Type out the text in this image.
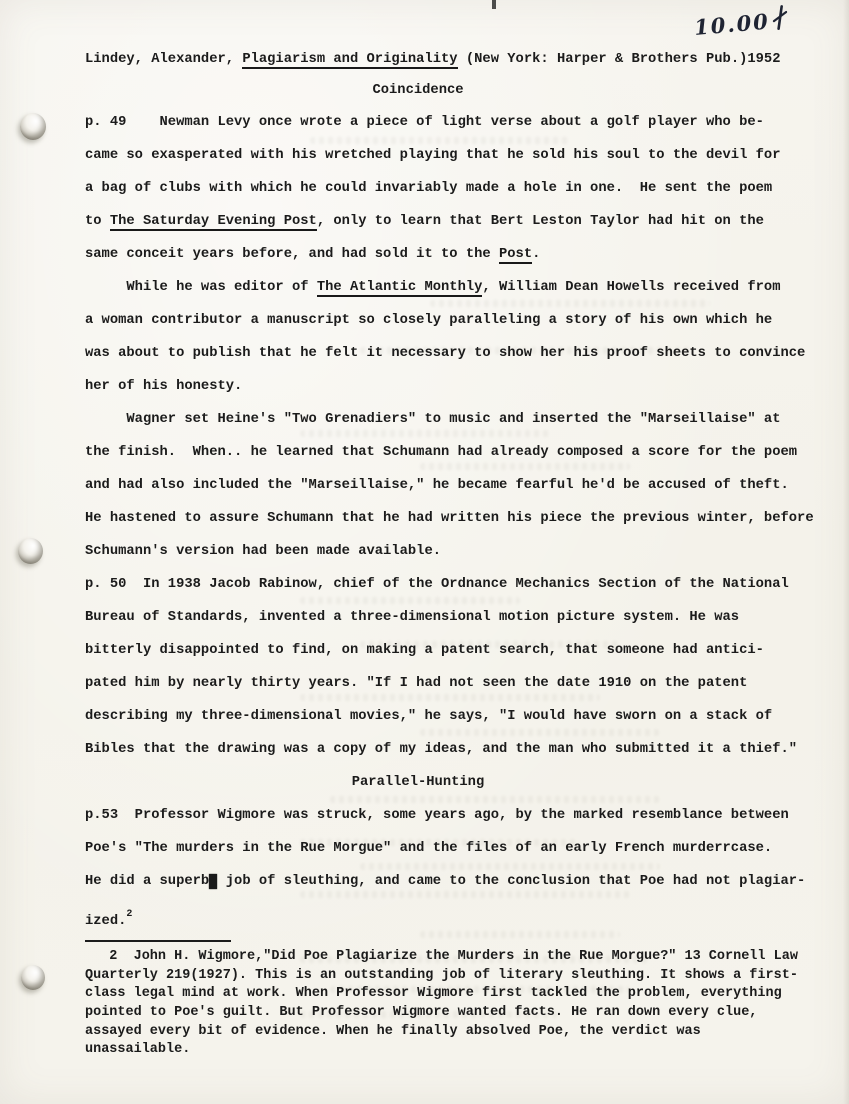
10.00
Lindey, Alexander, Plagiarism and Originality (New York: Harper & Brothers Pub.)1952
Coincidence
p. 49    Newman Levy once wrote a piece of light verse about a golf player who be-
came so exasperated with his wretched playing that he sold his soul to the devil for
a bag of clubs with which he could invariably made a hole in one.  He sent the poem
to The Saturday Evening Post, only to learn that Bert Leston Taylor had hit on the
same conceit years before, and had sold it to the Post.
While he was editor of The Atlantic Monthly, William Dean Howells received from
a woman contributor a manuscript so closely paralleling a story of his own which he
was about to publish that he felt it necessary to show her his proof sheets to convince
her of his honesty.
Wagner set Heine's "Two Grenadiers" to music and inserted the "Marseillaise" at
the finish.  When.. he learned that Schumann had already composed a score for the poem
and had also included the "Marseillaise," he became fearful he'd be accused of theft.
He hastened to assure Schumann that he had written his piece the previous winter, before
Schumann's version had been made available.
p. 50  In 1938 Jacob Rabinow, chief of the Ordnance Mechanics Section of the National
Bureau of Standards, invented a three-dimensional motion picture system. He was
bitterly disappointed to find, on making a patent search, that someone had antici-
pated him by nearly thirty years. "If I had not seen the date 1910 on the patent
describing my three-dimensional movies," he says, "I would have sworn on a stack of
Bibles that the drawing was a copy of my ideas, and the man who submitted it a thief."
Parallel-Hunting
p.53  Professor Wigmore was struck, some years ago, by the marked resemblance between
Poe's "The murders in the Rue Morgue" and the files of an early French murderrcase.
He did a superb job of sleuthing, and came to the conclusion that Poe had not plagiar-
ized.$^2$
2  John H. Wigmore,"Did Poe Plagiarize the Murders in the Rue Morgue?" 13 Cornell Law
Quarterly 219(1927). This is an outstanding job of literary sleuthing. It shows a first-
class legal mind at work. When Professor Wigmore first tackled the problem, everything
pointed to Poe's guilt. But Professor Wigmore wanted facts. He ran down every clue,
assayed every bit of evidence. When he finally absolved Poe, the verdict was
unassailable.
